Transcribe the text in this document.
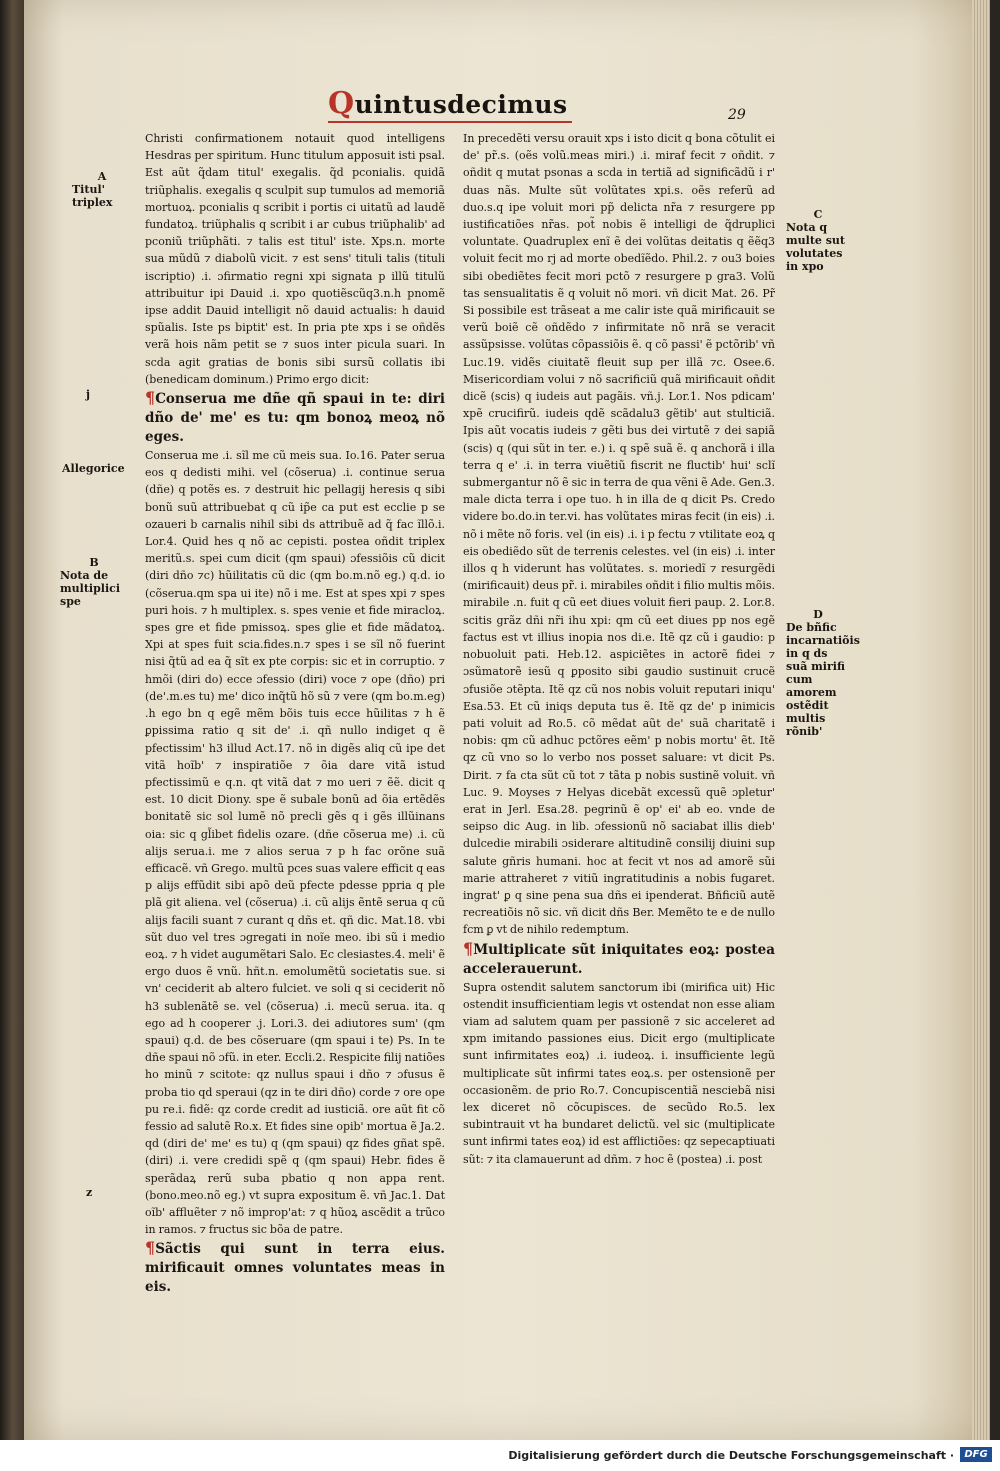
Quintusdecimus	29
A
Titul' triplex
j
Allegorice
B
Nota de multiplici spe
z
C
Nota q multe sut volutates in xpo
D
De bñfic incarnatiõis in q ds suã mirifi cum amorem ostẽdit multis rõnib'

Christi confirmationem notauit quod intelligens Hesdras per spiritum. Hunc titulum apposuit isti psal. Est aũt q̃dam titul' exegalis. q̃d pconialis. quidã triũphalis. exegalis q sculpit sup tumulos ad memoriã mortuoꝝ. pconialis q scribit i portis ci uitatũ ad laudẽ fundatoꝝ. triũphalis q scribit i ar cubus triũphalib' ad pconiũ triũphãti. ⁊ talis est titul' iste. Xps.n. morte sua mũdũ ⁊ diabolũ vicit. ⁊ est sens' tituli talis (tituli iscriptio) .i. ɔfirmatio regni xpi signata p illũ titulũ attribuitur ipi Dauid .i. xpo quotiẽscũq3.n.h pnomẽ ipse addit Dauid intelligit nõ dauid actualis: h dauid spũalis. Iste ps biptit' est. In pria pte xps i se oñdẽs verã hois nãm petit se ⁊ suos inter picula suari. In scda agit gratias de bonis sibi sursũ collatis ibi (benedicam dominum.) Primo ergo dicit:

¶Conserua me dñe qñ spaui in te: diri dño de' me' es tu: qm bonoꝝ meoꝝ nõ eges.

Conserua me .i. sĩl me cũ meis sua. Io.16. Pater serua eos q dedisti mihi. vel (cõserua) .i. continue serua (dñe) q potẽs es. ⁊ destruit hic pellagij heresis q sibi bonũ suũ attribuebat q cũ ip̃e ca put est ecclie p se ozaueri b carnalis nihil sibi ds attribuẽ ad q̃ fac ĩllõ.i. Lor.4. Quid hes q nõ ac cepisti. postea oñdit triplex meritũ.s. spei cum dicit (qm spaui) ɔfessiõis cũ dicit (diri dño ⁊c) hũilitatis cũ dic (qm bo.m.nõ eg.) q.d. io (cõserua.qm spa ui ite) nõ i me. Est at spes xpi ⁊ spes puri hois. ⁊ h multiplex. s. spes venie et fide miracloꝝ. spes gre et fide pmissoꝝ. spes glie et fide mãdatoꝝ. Xpi at spes fuit scia.fides.n.⁊ spes i se sĩl nõ fuerint nisi q̃tũ ad ea q̃ sĩt ex pte corpis: sic et in corruptio. ⁊ hmõi (diri do) ecce ɔfessio (diri) voce ⁊ ope (dño) pri (de'.m.es tu) me' dico inq̃tũ hõ sũ ⁊ vere (qm bo.m.eg) .h ego bn q egẽ mẽm bõis tuis ecce hũilitas ⁊ h ẽ ꝑpissima ratio q sit de' .i. qñ nullo indiget q ẽ pfectissim' h3 illud Act.17. nõ in digẽs aliq cũ ipe det vitã hoĩb' ⁊ inspiratiõe ⁊ õia dare vitã istud pfectissimũ e q.n. qt vitã dat ⁊ mo ueri ⁊ ẽẽ. dicit q est. 10 dicit Diony. spe ẽ subale bonũ ad õia ertẽdẽs bonitatẽ sic sol lumẽ nõ precli gẽs q i gẽs illũinans oia: sic q gl̃ibet fidelis ozare. (dñe cõserua me) .i. cũ alijs serua.i. me ⁊ alios serua ⁊ p h fac orõne suã efficacẽ. vñ Grego. multũ pces suas valere efficit q eas p alijs effũdit sibi apõ deũ pfecte pdesse ppria q ple plã git aliena. vel (cõserua) .i. cũ alijs ẽntẽ serua q cũ alijs facili suant ⁊ curant q dñs et. qñ dic. Mat.18. vbi sũt duo vel tres ɔgregati in noĩe meo. ibi sũ i medio eoꝝ. ⁊ h videt augumẽtari Salo. Ec clesiastes.4. meli' ẽ ergo duos ẽ vnũ. hñt.n. emolumẽtũ societatis sue. si vn' ceciderit ab altero fulciet. ve soli q si ceciderit nõ h3 sublenãtẽ se. vel (cõserua) .i. mecũ serua. ita. q ego ad h cooperer .j. Lori.3. dei adiutores sum' (qm spaui) q.d. de bes cõseruare (qm spaui i te) Ps. In te dñe spaui nõ ɔfũ. in eter. Eccli.2. Respicite filij natiões ho minũ ⁊ scitote: qz nullus spaui i dño ⁊ ɔfusus ẽ proba tio qd speraui (qz in te diri dño) corde ⁊ ore ope pu re.i. fidẽ: qz corde credit ad iusticiã. ore aũt fit cõ fessio ad salutẽ Ro.x. Et fides sine opib' mortua ẽ Ja.2. qd (diri de' me' es tu) q (qm spaui) qz fides gñat spẽ. (diri) .i. vere credidi spẽ q (qm spaui) Hebr. fides ẽ sperãdaꝝ rerũ suba pbatio q non appa rent. (bono.meo.nõ eg.) vt supra expositum ẽ. vñ Jac.1. Dat oĩb' affluẽter ⁊ nõ improp'at: ⁊ q hũoꝝ ascẽdit a trũco in ramos. ⁊ fructus sic bõa de patre.

¶Sãctis qui sunt in terra eius. mirificauit omnes voluntates meas in eis.

In precedẽti versu orauit xps i isto dicit q bona cõtulit ei de' pr̃.s. (oẽs volũ.meas miri.) .i. miraf fecit ⁊ oñdit. ⁊ oñdit q mutat psonas a scda in tertiã ad significãdũ i r' duas nãs. Multe sũt volũtates xpi.s. oẽs referũ ad duo.s.q ipe voluit mori pp̃ delicta nr̃a ⁊ resurgere pp iustificatiões nr̃as. pot̃ nobis ẽ intelligi de q̃druplici voluntate. Quadruplex enĩ ẽ dei volũtas deitatis q ẽẽq3 voluit fecit mo rj ad morte obedĩẽdo. Phil.2. ⁊ ou3 boies sibi obediẽtes fecit mori pctõ ⁊ resurgere p gra3. Volũ tas sensualitatis ẽ q voluit nõ mori. vñ dicit Mat. 26. Pr̃ Si possibile est trãseat a me calir iste quã mirificauit se verũ boiẽ cẽ oñdẽdo ⁊ infirmitate nõ nrã se veracit assũpsisse. volũtas cõpassiõis ẽ. q cõ passi' ẽ pctõrib' vñ Luc.19. vidẽs ciuitatẽ fleuit sup per illã ⁊c. Osee.6. Misericordiam volui ⁊ nõ sacrificiũ quã mirificauit oñdit dicẽ (scis) q iudeis aut pagãis. vñ.j. Lor.1. Nos pdicam' xpẽ crucifirũ. iudeis qdẽ scãdalu3 gẽtib' aut stulticiã. Ipis aũt vocatis iudeis ⁊ gẽti bus dei virtutẽ ⁊ dei sapiã (scis) q (qui sũt in ter. e.) i. q spẽ suã ẽ. q anchorã i illa terra q e' .i. in terra viuẽtiũ fiscrit ne fluctib' hui' sclĩ submergantur nõ ẽ sic in terra de qua vẽni ẽ Ade. Gen.3. male dicta terra i ope tuo. h in illa de q dicit Ps. Credo videre bo.do.in ter.vi. has volũtates miras fecit (in eis) .i. nõ i mẽte nõ foris. vel (in eis) .i. i p fectu ⁊ vtilitate eoꝝ q eis obediẽdo sũt de terrenis celestes. vel (in eis) .i. inter illos q h viderunt has volũtates. s. moriedĩ ⁊ resurgẽdi (mirificauit) deus pr̃. i. mirabiles oñdit i filio multis mõis. mirabile .n. fuit q cũ eet diues voluit fieri paup. 2. Lor.8. scitis grãz dñi nr̃i ihu xpi: qm cũ eet diues pp nos egẽ factus est vt illius inopia nos di.e. Itẽ qz cũ i gaudio: p nobuoluit pati. Heb.12. aspiciẽtes in actorẽ fidei ⁊ ɔsũmatorẽ iesũ q ꝑposito sibi gaudio sustinuit crucẽ ɔfusiõe ɔtẽpta. Itẽ qz cũ nos nobis voluit reputari iniqu' Esa.53. Et cũ iniqs deputa tus ẽ. Itẽ qz de' p inimicis pati voluit ad Ro.5. cõ mẽdat aũt de' suã charitatẽ i nobis: qm cũ adhuc pctõres eẽm' p nobis mortu' ẽt. Itẽ qz cũ vno so lo verbo nos posset saluare: vt dicit Ps. Dirit. ⁊ fa cta sũt cũ tot ⁊ tãta p nobis sustinẽ voluit. vñ Luc. 9. Moyses ⁊ Helyas dicebãt excessũ quẽ ɔpletur' erat in Jerl. Esa.28. pegrinũ ẽ op' ei' ab eo. vnde de seipso dic Aug. in lib. ɔfessionũ nõ saciabat illis dieb' dulcedie mirabili ɔsiderare altitudinẽ consilij diuini sup salute gñris humani. hoc at fecit vt nos ad amorẽ sũi marie attraheret ⁊ vitiũ ingratitudinis a nobis fugaret. ingrat' ꝑ q sine pena sua dñs ei ipenderat. Bñficiũ autẽ recreatiõis nõ sic. vñ dicit dñs Ber. Memẽto te e de nullo fcm ꝑ vt de nihilo redemptum.

¶Multiplicate sũt iniquitates eoꝝ: postea accelerauerunt.

Supra ostendit salutem sanctorum ibi (mirifica uit) Hic ostendit insufficientiam legis vt ostendat non esse aliam viam ad salutem quam per passionẽ ⁊ sic acceleret ad xpm imitando passiones eius. Dicit ergo (multiplicate sunt infirmitates eoꝝ) .i. iudeoꝝ. i. insufficiente legũ multiplicate sũt infirmi tates eoꝝ.s. per ostensionẽ per occasionẽm. de prio Ro.7. Concupiscentiã nesciebã nisi lex diceret nõ cõcupisces. de secũdo Ro.5. lex subintrauit vt ha bundaret delictũ. vel sic (multiplicate sunt infirmi tates eoꝝ) id est afflictiões: qz sepecaptiuati sũt: ⁊ ita clamauerunt ad dñm. ⁊ hoc ẽ (postea) .i. post

Digitalisierung gefördert durch die Deutsche Forschungsgemeinschaft ·	DFG
